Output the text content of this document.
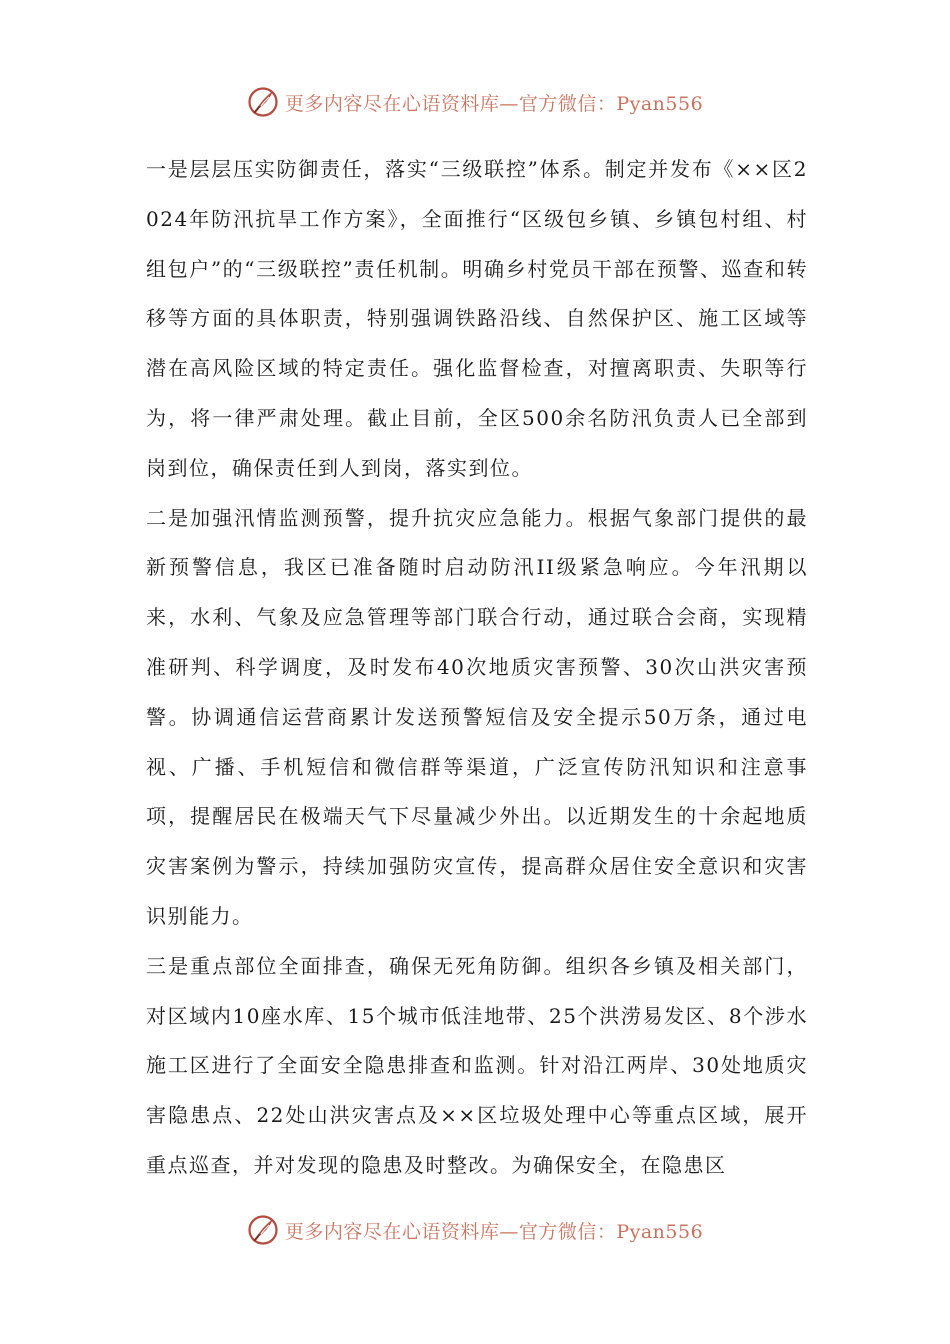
更多内容尽在心语资料库—官方微信：Pyan556

一是层层压实防御责任，落实“三级联控”体系。制定并发布《××区2024年防汛抗旱工作方案》，全面推行“区级包乡镇、乡镇包村组、村组包户”的“三级联控”责任机制。明确乡村党员干部在预警、巡查和转移等方面的具体职责，特别强调铁路沿线、自然保护区、施工区域等潜在高风险区域的特定责任。强化监督检查，对擅离职责、失职等行为，将一律严肃处理。截止目前，全区500余名防汛负责人已全部到岗到位，确保责任到人到岗，落实到位。

二是加强汛情监测预警，提升抗灾应急能力。根据气象部门提供的最新预警信息，我区已准备随时启动防汛II级紧急响应。今年汛期以来，水利、气象及应急管理等部门联合行动，通过联合会商，实现精准研判、科学调度，及时发布40次地质灾害预警、30次山洪灾害预警。协调通信运营商累计发送预警短信及安全提示50万条，通过电视、广播、手机短信和微信群等渠道，广泛宣传防汛知识和注意事项，提醒居民在极端天气下尽量减少外出。以近期发生的十余起地质灾害案例为警示，持续加强防灾宣传，提高群众居住安全意识和灾害识别能力。

三是重点部位全面排查，确保无死角防御。组织各乡镇及相关部门，对区域内10座水库、15个城市低洼地带、25个洪涝易发区、8个涉水施工区进行了全面安全隐患排查和监测。针对沿江两岸、30处地质灾害隐患点、22处山洪灾害点及××区垃圾处理中心等重点区域，展开重点巡查，并对发现的隐患及时整改。为确保安全，在隐患区

更多内容尽在心语资料库—官方微信：Pyan556
